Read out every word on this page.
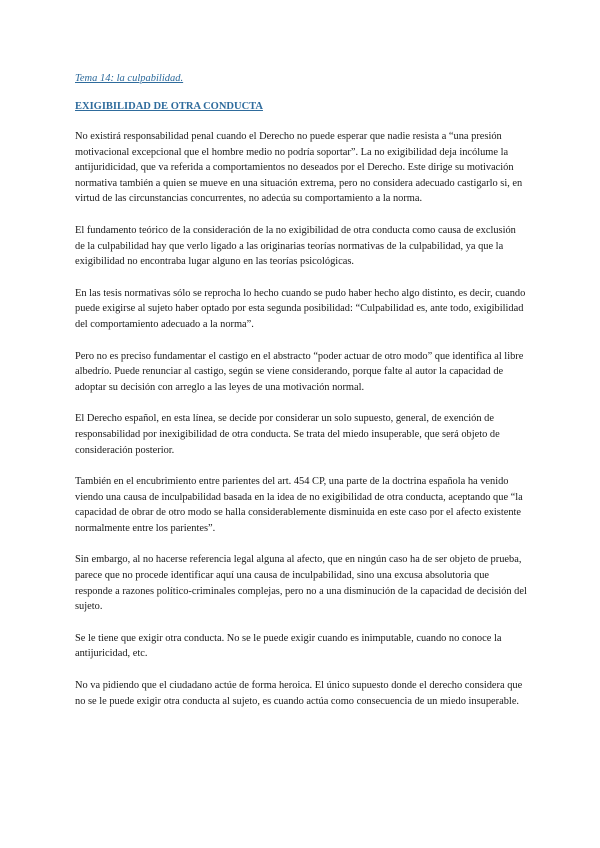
Tema 14: la culpabilidad.
EXIGIBILIDAD DE OTRA CONDUCTA

No existirá responsabilidad penal cuando el Derecho no puede esperar que nadie resista a “una presión motivacional excepcional que el hombre medio no podría soportar”. La no exigibilidad deja incólume la antijuridicidad, que va referida a comportamientos no deseados por el Derecho. Este dirige su motivación normativa también a quien se mueve en una situación extrema, pero no considera adecuado castigarlo si, en virtud de las circunstancias concurrentes, no adecúa su comportamiento a la norma.

El fundamento teórico de la consideración de la no exigibilidad de otra conducta como causa de exclusión de la culpabilidad hay que verlo ligado a las originarias teorías normativas de la culpabilidad, ya que la exigibilidad no encontraba lugar alguno en las teorías psicológicas.

En las tesis normativas sólo se reprocha lo hecho cuando se pudo haber hecho algo distinto, es decir, cuando puede exigirse al sujeto haber optado por esta segunda posibilidad: “Culpabilidad es, ante todo, exigibilidad del comportamiento adecuado a la norma”.

Pero no es preciso fundamentar el castigo en el abstracto “poder actuar de otro modo” que identifica al libre albedrío. Puede renunciar al castigo, según se viene considerando, porque falte al autor la capacidad de adoptar su decisión con arreglo a las leyes de una motivación normal.

El Derecho español, en esta línea, se decide por considerar un solo supuesto, general, de exención de responsabilidad por inexigibilidad de otra conducta. Se trata del miedo insuperable, que será objeto de consideración posterior.

También en el encubrimiento entre parientes del art. 454 CP, una parte de la doctrina española ha venido viendo una causa de inculpabilidad basada en la idea de no exigibilidad de otra conducta, aceptando que “la capacidad de obrar de otro modo se halla considerablemente disminuida en este caso por el afecto existente normalmente entre los parientes”.

Sin embargo, al no hacerse referencia legal alguna al afecto, que en ningún caso ha de ser objeto de prueba, parece que no procede identificar aquí una causa de inculpabilidad, sino una excusa absolutoria que responde a razones político-criminales complejas, pero no a una disminución de la capacidad de decisión del sujeto.

Se le tiene que exigir otra conducta. No se le puede exigir cuando es inimputable, cuando no conoce la antijuricidad, etc.

No va pidiendo que el ciudadano actúe de forma heroica. El único supuesto donde el derecho considera que no se le puede exigir otra conducta al sujeto, es cuando actúa como consecuencia de un miedo insuperable.
